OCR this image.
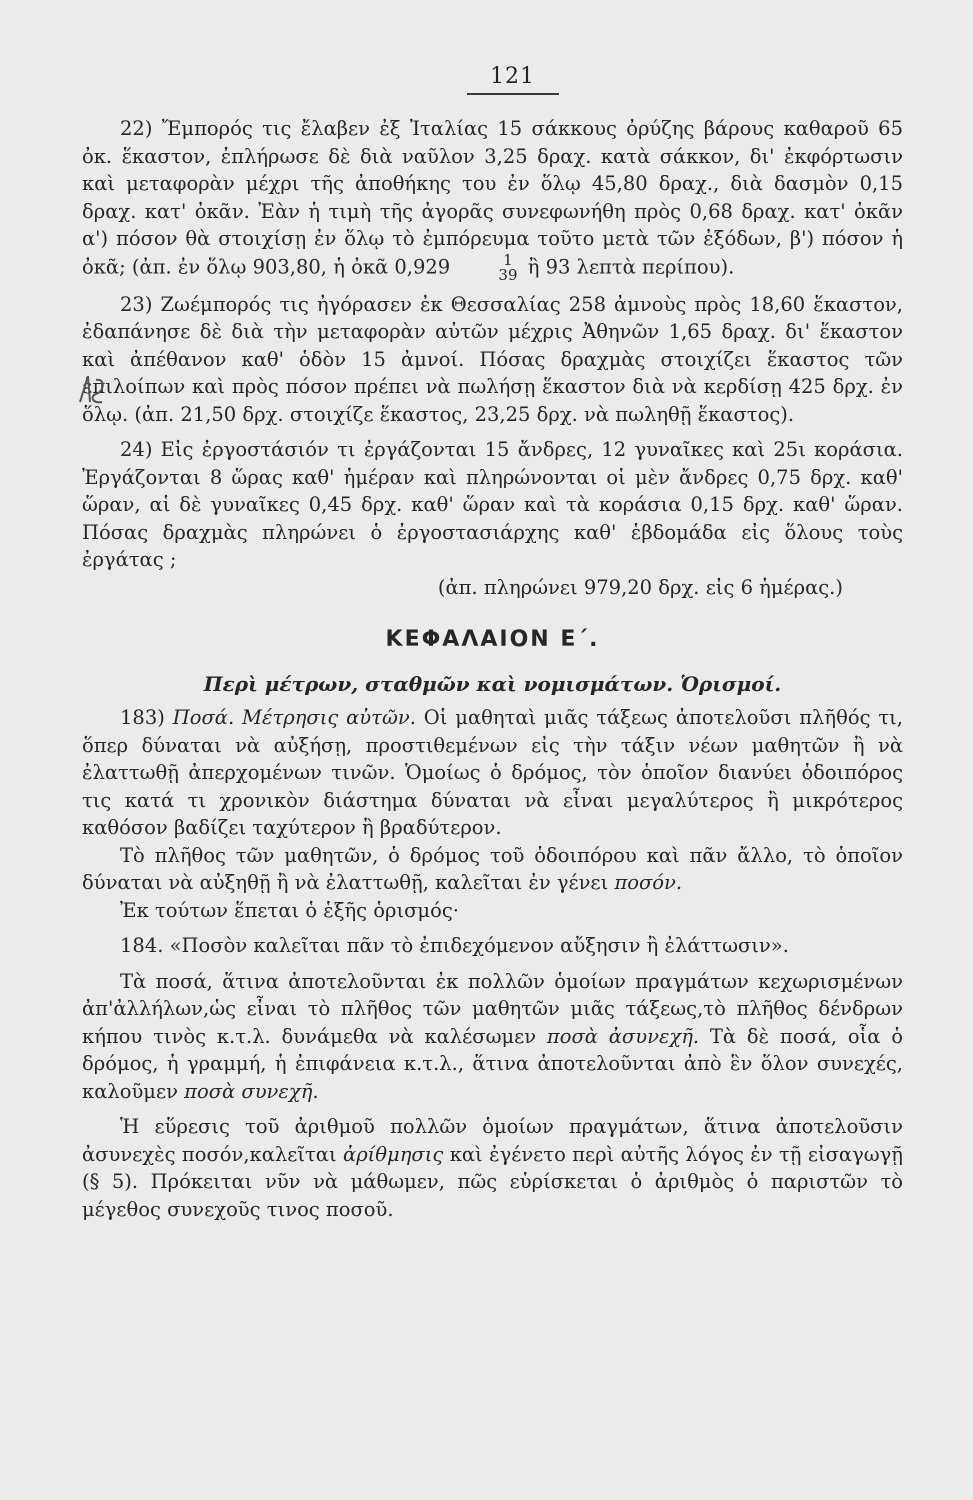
121

22) Ἔμπορός τις ἔλαβεν ἐξ Ἰταλίας 15 σάκκους ὀρύζης βάρους καθαροῦ 65 ὀκ. ἕκαστον, ἐπλήρωσε δὲ διὰ ναῦλον 3,25 δραχ. κατὰ σάκκον, δι' ἐκφόρτωσιν καὶ μεταφορὰν μέχρι τῆς ἀποθήκης του ἐν ὅλῳ 45,80 δραχ., διὰ δασμὸν 0,15 δραχ. κατ' ὀκᾶν. Ἐὰν ἡ τιμὴ τῆς ἀγορᾶς συνεφωνήθη πρὸς 0,68 δραχ. κατ' ὀκᾶν α') πόσον θὰ στοιχίσῃ ἐν ὅλῳ τὸ ἐμπόρευμα τοῦτο μετὰ τῶν ἐξόδων, β') πόσον ἡ ὀκᾶ; (ἀπ. ἐν ὅλῳ 903,80, ἡ ὀκᾶ 0,929	1
39 ἢ 93 λεπτὰ περίπου).

23) Ζωέμπορός τις ἠγόρασεν ἐκ Θεσσαλίας 258 ἀμνοὺς πρὸς 18,60 ἕκαστον, ἐδαπάνησε δὲ διὰ τὴν μεταφορὰν αὐτῶν μέχρις Ἀθηνῶν 1,65 δραχ. δι' ἕκαστον καὶ ἀπέθανον καθ' ὁδὸν 15 ἀμνοί. Πόσας δραχμὰς στοιχίζει ἕκαστος τῶν ἐπιλοίπων καὶ πρὸς πόσον πρέπει νὰ πωλήσῃ ἕκαστον διὰ νὰ κερδίσῃ 425 δρχ. ἐν ὅλῳ. (ἀπ. 21,50 δρχ. στοιχίζε ἕκαστος, 23,25 δρχ. νὰ πωληθῇ ἕκαστος).

24) Εἰς ἐργοστάσιόν τι ἐργάζονται 15 ἄνδρες, 12 γυναῖκες καὶ 25ι κοράσια. Ἐργάζονται 8 ὥρας καθ' ἡμέραν καὶ πληρώνονται οἱ μὲν ἄνδρες 0,75 δρχ. καθ' ὥραν, αἱ δὲ γυναῖκες 0,45 δρχ. καθ' ὥραν καὶ τὰ κοράσια 0,15 δρχ. καθ' ὥραν. Πόσας δραχμὰς πληρώνει ὁ ἐργοστασιάρχης καθ' ἑβδομάδα εἰς ὅλους τοὺς ἐργάτας ;

(ἀπ. πληρώνει 979,20 δρχ. εἰς 6 ἡμέρας.)

ΚΕΦΑΛΑΙΟΝ Ε΄.
Περὶ μέτρων, σταθμῶν καὶ νομισμάτων. Ὁρισμοί.

183) Ποσά. Μέτρησις αὐτῶν. Οἱ μαθηταὶ μιᾶς τάξεως ἀποτελοῦσι πλῆθός τι, ὅπερ δύναται νὰ αὐξήσῃ, προστιθεμένων εἰς τὴν τάξιν νέων μαθητῶν ἢ νὰ ἐλαττωθῇ ἀπερχομένων τινῶν. Ὁμοίως ὁ δρόμος, τὸν ὁποῖον διανύει ὁδοιπόρος τις κατά τι χρονικὸν διάστημα δύναται νὰ εἶναι μεγαλύτερος ἢ μικρότερος καθόσον βαδίζει ταχύτερον ἢ βραδύτερον.

Τὸ πλῆθος τῶν μαθητῶν, ὁ δρόμος τοῦ ὁδοιπόρου καὶ πᾶν ἄλλο, τὸ ὁποῖον δύναται νὰ αὐξηθῇ ἢ νὰ ἐλαττωθῇ, καλεῖται ἐν γένει ποσόν.

Ἐκ τούτων ἕπεται ὁ ἑξῆς ὁρισμός·

184. «Ποσὸν καλεῖται πᾶν τὸ ἐπιδεχόμενον αὔξησιν ἢ ἐλάττωσιν».

Τὰ ποσά, ἅτινα ἀποτελοῦνται ἐκ πολλῶν ὁμοίων πραγμάτων κεχωρισμένων ἀπ'ἀλλήλων,ὡς εἶναι τὸ πλῆθος τῶν μαθητῶν μιᾶς τάξεως,τὸ πλῆθος δένδρων κήπου τινὸς κ.τ.λ. δυνάμεθα νὰ καλέσωμεν ποσὰ ἀσυνεχῆ. Τὰ δὲ ποσά, οἷα ὁ δρόμος, ἡ γραμμή, ἡ ἐπιφάνεια κ.τ.λ., ἅτινα ἀποτελοῦνται ἀπὸ ἓν ὅλον συνεχές, καλοῦμεν ποσὰ συνεχῆ.

Ἡ εὕρεσις τοῦ ἀριθμοῦ πολλῶν ὁμοίων πραγμάτων, ἅτινα ἀποτελοῦσιν ἀσυνεχὲς ποσόν,καλεῖται ἀρίθμησις καὶ ἐγένετο περὶ αὐτῆς λόγος ἐν τῇ εἰσαγωγῇ (§ 5). Πρόκειται νῦν νὰ μάθωμεν, πῶς εὑρίσκεται ὁ ἀριθμὸς ὁ παριστῶν τὸ μέγεθος συνεχοῦς τινος ποσοῦ.
